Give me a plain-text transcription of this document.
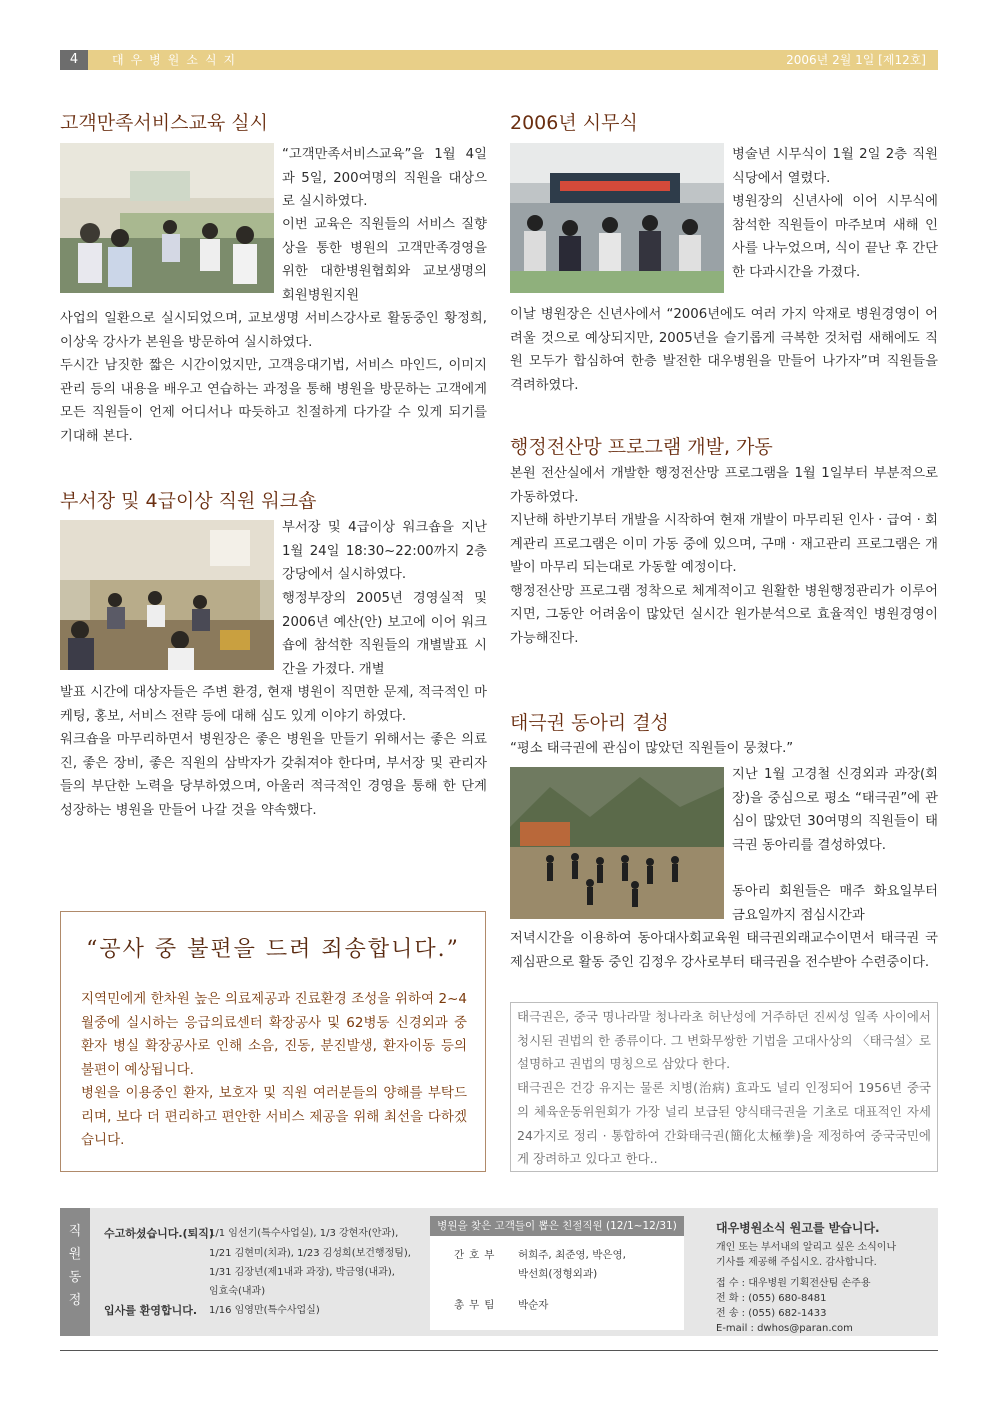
4	대우병원소식지	2006년 2월 1일 [제12호]
고객만족서비스교육 실시

“고객만족서비스교육”을 1월 4일과 5일, 200여명의 직원을 대상으로 실시하였다.

이번 교육은 직원들의 서비스 질향상을 통한 병원의 고객만족경영을 위한 대한병원협회와 교보생명의 회원병원지원

사업의 일환으로 실시되었으며, 교보생명 서비스강사로 활동중인 황정희, 이상욱 강사가 본원을 방문하여 실시하였다.

두시간 남짓한 짧은 시간이었지만, 고객응대기법, 서비스 마인드, 이미지 관리 등의 내용을 배우고 연습하는 과정을 통해 병원을 방문하는 고객에게 모든 직원들이 언제 어디서나 따듯하고 친절하게 다가갈 수 있게 되기를 기대해 본다.

부서장 및 4급이상 직원 워크숍

부서장 및 4급이상 워크숍을 지난 1월 24일 18:30~22:00까지 2층 강당에서 실시하였다.

행정부장의 2005년 경영실적 및 2006년 예산(안) 보고에 이어 워크숍에 참석한 직원들의 개별발표 시간을 가졌다. 개별

발표 시간에 대상자들은 주변 환경, 현재 병원이 직면한 문제, 적극적인 마케팅, 홍보, 서비스 전략 등에 대해 심도 있게 이야기 하였다.

워크숍을 마무리하면서 병원장은 좋은 병원을 만들기 위해서는 좋은 의료진, 좋은 장비, 좋은 직원의 삼박자가 갖춰져야 한다며, 부서장 및 관리자들의 부단한 노력을 당부하였으며, 아울러 적극적인 경영을 통해 한 단계 성장하는 병원을 만들어 나갈 것을 약속했다.

“공사 중 불편을 드려 죄송합니다.”

지역민에게 한차원 높은 의료제공과 진료환경 조성을 위하여 2~4월중에 실시하는 응급의료센터 확장공사 및 62병동 신경외과 중환자 병실 확장공사로 인해 소음, 진동, 분진발생, 환자이동 등의 불편이 예상됩니다.

병원을 이용중인 환자, 보호자 및 직원 여러분들의 양해를 부탁드리며, 보다 더 편리하고 편안한 서비스 제공을 위해 최선을 다하겠습니다.

2006년 시무식

병술년 시무식이 1월 2일 2층 직원식당에서 열렸다.

병원장의 신년사에 이어 시무식에 참석한 직원들이 마주보며 새해 인사를 나누었으며, 식이 끝난 후 간단한 다과시간을 가졌다.

이날 병원장은 신년사에서 “2006년에도 여러 가지 악재로 병원경영이 어려울 것으로 예상되지만, 2005년을 슬기롭게 극복한 것처럼 새해에도 직원 모두가 합심하여 한층 발전한 대우병원을 만들어 나가자”며 직원들을 격려하였다.

행정전산망 프로그램 개발, 가동

본원 전산실에서 개발한 행정전산망 프로그램을 1월 1일부터 부분적으로 가동하였다.

지난해 하반기부터 개발을 시작하여 현재 개발이 마무리된 인사 · 급여 · 회계관리 프로그램은 이미 가동 중에 있으며, 구매 · 재고관리 프로그램은 개발이 마무리 되는대로 가동할 예정이다.

행정전산망 프로그램 정착으로 체계적이고 원활한 병원행정관리가 이루어지면, 그동안 어려움이 많았던 실시간 원가분석으로 효율적인 병원경영이 가능해진다.

태극권 동아리 결성

“평소 태극권에 관심이 많았던 직원들이 뭉쳤다.”

지난 1월 고경철 신경외과 과장(회장)을 중심으로 평소 “태극권”에 관심이 많았던 30여명의 직원들이 태극권 동아리를 결성하였다.

동아리 회원들은 매주 화요일부터 금요일까지 점심시간과

저녁시간을 이용하여 동아대사회교육원 태극권외래교수이면서 태극권 국제심판으로 활동 중인 김정우 강사로부터 태극권을 전수받아 수련중이다.

태극권은, 중국 명나라말 청나라초 허난성에 거주하던 진씨성 일족 사이에서 청시된 권법의 한 종류이다. 그 변화무쌍한 기법을 고대사상의 〈태극설〉로 설명하고 권법의 명칭으로 삼았다 한다.

태극권은 건강 유지는 물론 치병(治病) 효과도 널리 인정되어 1956년 중국의 체육운동위원회가 가장 널리 보급된 양식태극권을 기초로 대표적인 자세 24가지로 정리 · 통합하여 간화태극권(簡化太極拳)을 제정하여 중국국민에게 장려하고 있다고 한다..

직
원
동
정
수고하셨습니다.(퇴직)
1/1 임선기(특수사업실), 1/3 강현자(안과),
1/21 김현미(치과), 1/23 김성희(보건행정팀),
1/31 김장년(제1내과 과장), 박금영(내과),
임효숙(내과)
입사를 환영합니다. 1/16 임영만(특수사업실)
병원을 찾은 고객들이 뽑은 친절직원 (12/1~12/31)
간호부 허희주, 최준영, 박은영,
박선희(정형외과)
총무팀 박순자
대우병원소식 원고를 받습니다.
개인 또는 부서내의 알리고 싶은 소식이나
기사를 제공해 주십시오. 감사합니다.
접 수 : 대우병원 기획전산팀 손주용
전 화 : (055) 680-8481
전 송 : (055) 682-1433
E-mail : dwhos@paran.com
